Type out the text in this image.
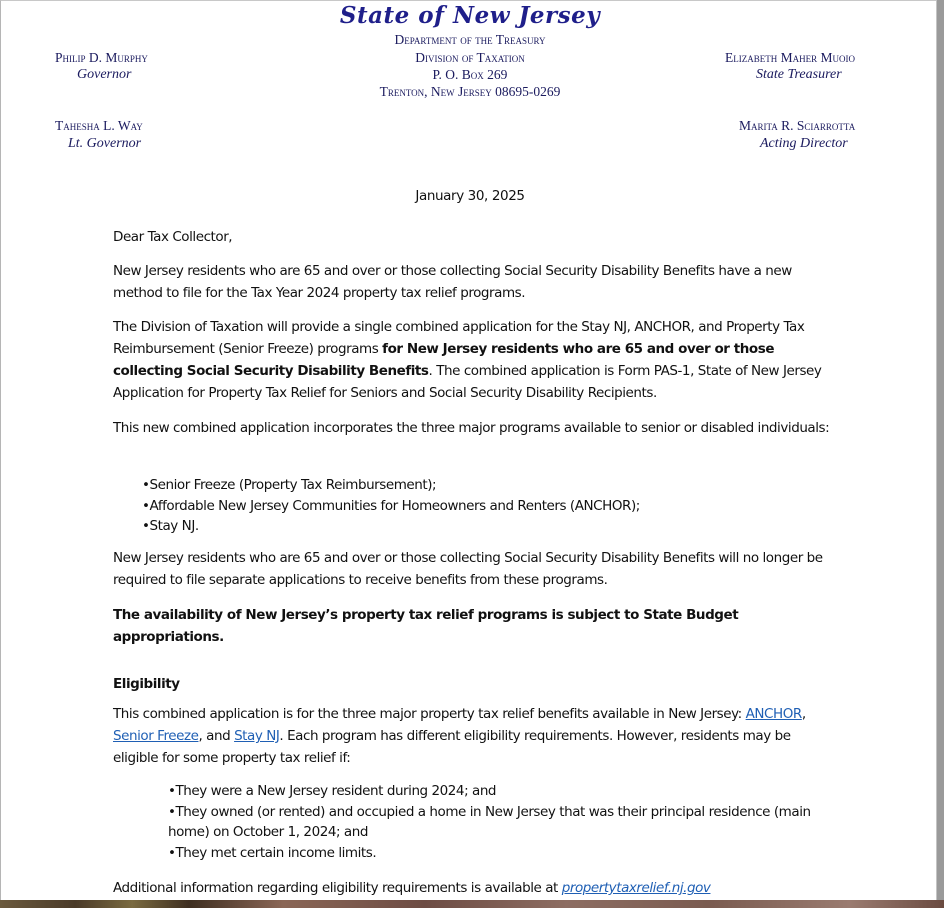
State of New Jersey
Department of the Treasury
Division of Taxation
P. O. Box 269
Trenton, New Jersey 08695-0269
Philip D. Murphy
Governor
Tahesha L. Way
Lt. Governor
Elizabeth Maher Muoio
State Treasurer
Marita R. Sciarrotta
Acting Director
January 30, 2025
Dear Tax Collector,
New Jersey residents who are 65 and over or those collecting Social Security Disability Benefits have a new method to file for the Tax Year 2024 property tax relief programs.
The Division of Taxation will provide a single combined application for the Stay NJ, ANCHOR, and Property Tax Reimbursement (Senior Freeze) programs for New Jersey residents who are 65 and over or those collecting Social Security Disability Benefits. The combined application is Form PAS-1, State of New Jersey Application for Property Tax Relief for Seniors and Social Security Disability Recipients.
This new combined application incorporates the three major programs available to senior or disabled individuals:
• Senior Freeze (Property Tax Reimbursement);
• Affordable New Jersey Communities for Homeowners and Renters (ANCHOR);
• Stay NJ.
New Jersey residents who are 65 and over or those collecting Social Security Disability Benefits will no longer be required to file separate applications to receive benefits from these programs.
The availability of New Jersey’s property tax relief programs is subject to State Budget appropriations.
Eligibility
This combined application is for the three major property tax relief benefits available in New Jersey: ANCHOR, Senior Freeze, and Stay NJ. Each program has different eligibility requirements. However, residents may be eligible for some property tax relief if:
• They were a New Jersey resident during 2024; and
• They owned (or rented) and occupied a home in New Jersey that was their principal residence (main home) on October 1, 2024; and
• They met certain income limits.
Additional information regarding eligibility requirements is available at propertytaxrelief.nj.gov
